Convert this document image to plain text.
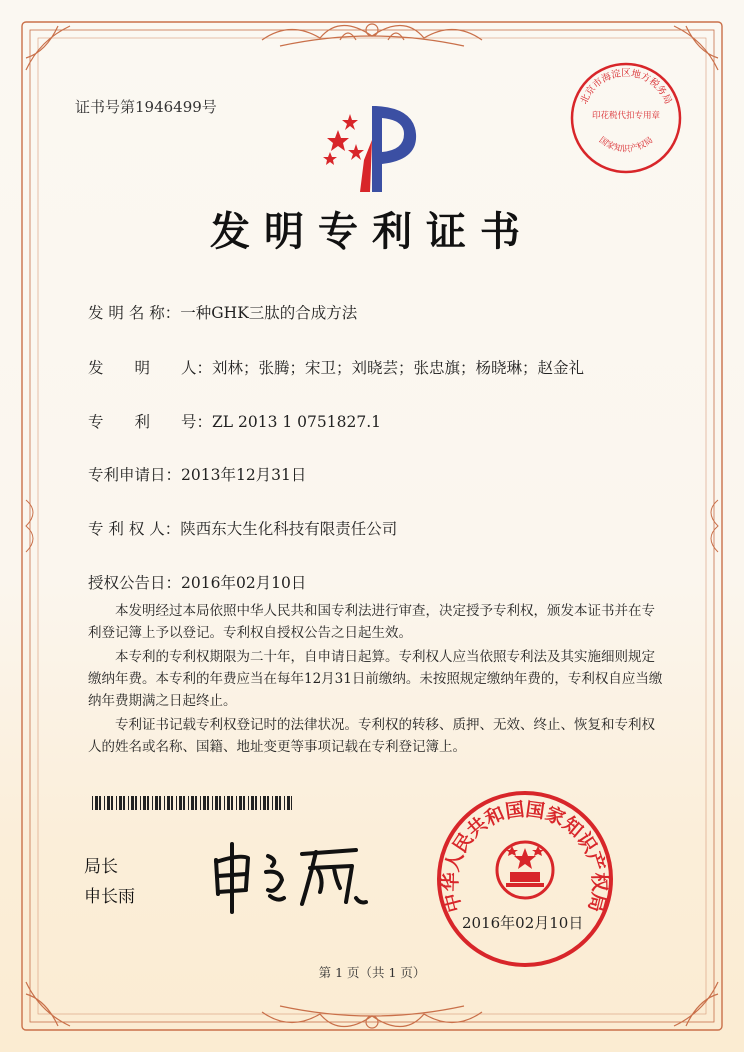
证书号第1946499号	北京市海淀区地方税务局
国家知识产权局
印花税代扣专用章
发明专利证书
发 明 名 称：一种GHK三肽的合成方法
发　　明　　人：刘林；张腾；宋卫；刘晓芸；张忠旗；杨晓琳；赵金礼
专　　利　　号：ZL 2013 1 0751827.1
专利申请日：2013年12月31日
专 利 权 人：陕西东大生化科技有限责任公司
授权公告日：2016年02月10日

本发明经过本局依照中华人民共和国专利法进行审查，决定授予专利权，颁发本证书并在专利登记簿上予以登记。专利权自授权公告之日起生效。

本专利的专利权期限为二十年，自申请日起算。专利权人应当依照专利法及其实施细则规定缴纳年费。本专利的年费应当在每年12月31日前缴纳。未按照规定缴纳年费的，专利权自应当缴纳年费期满之日起终止。

专利证书记载专利权登记时的法律状况。专利权的转移、质押、无效、终止、恢复和专利权人的姓名或名称、国籍、地址变更等事项记载在专利登记簿上。

局长
申长雨	中华人民共和国国家知识产权局
2016年02月10日
第 1 页（共 1 页）
